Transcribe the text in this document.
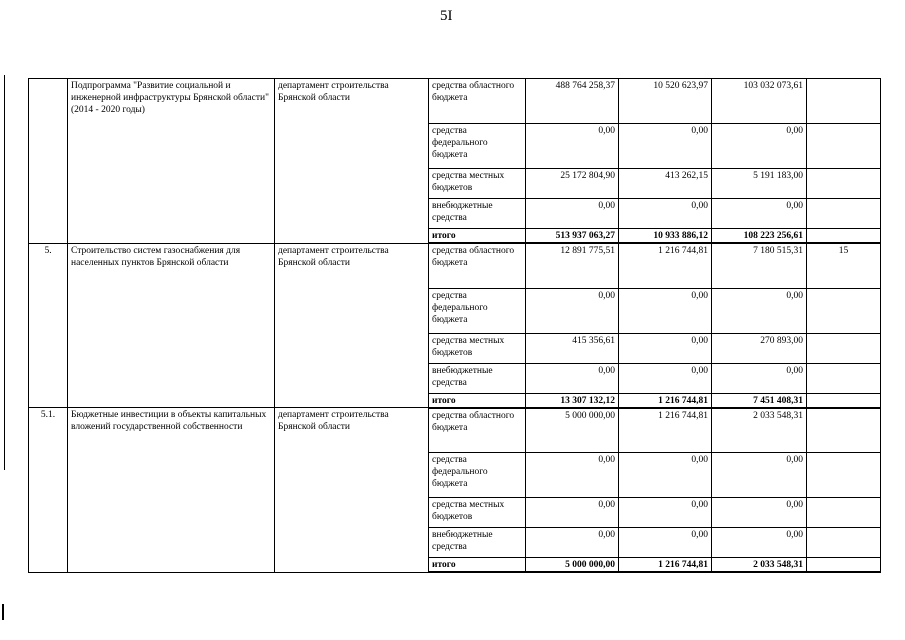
5I
	Подпрограмма "Развитие социальной и инженерной инфраструктуры Брянской области" (2014 - 2020 годы)	департамент строительства Брянской области	средства областного бюджета	488 764 258,37	10 520 623,97	103 032 073,61	
			средства федерального бюджета	0,00	0,00	0,00	
			средства местных бюджетов	25 172 804,90	413 262,15	5 191 183,00	
			внебюджетные средства	0,00	0,00	0,00	
			итого	513 937 063,27	10 933 886,12	108 223 256,61	
5.	Строительство систем газоснабжения для населенных пунктов Брянской области	департамент строительства Брянской области	средства областного бюджета	12 891 775,51	1 216 744,81	7 180 515,31	15
			средства федерального бюджета	0,00	0,00	0,00	
			средства местных бюджетов	415 356,61	0,00	270 893,00	
			внебюджетные средства	0,00	0,00	0,00	
			итого	13 307 132,12	1 216 744,81	7 451 408,31	
5.1.	Бюджетные инвестиции в объекты капитальных вложений государственной собственности	департамент строительства Брянской области	средства областного бюджета	5 000 000,00	1 216 744,81	2 033 548,31	
			средства федерального бюджета	0,00	0,00	0,00	
			средства местных бюджетов	0,00	0,00	0,00	
			внебюджетные средства	0,00	0,00	0,00	
			итого	5 000 000,00	1 216 744,81	2 033 548,31	
